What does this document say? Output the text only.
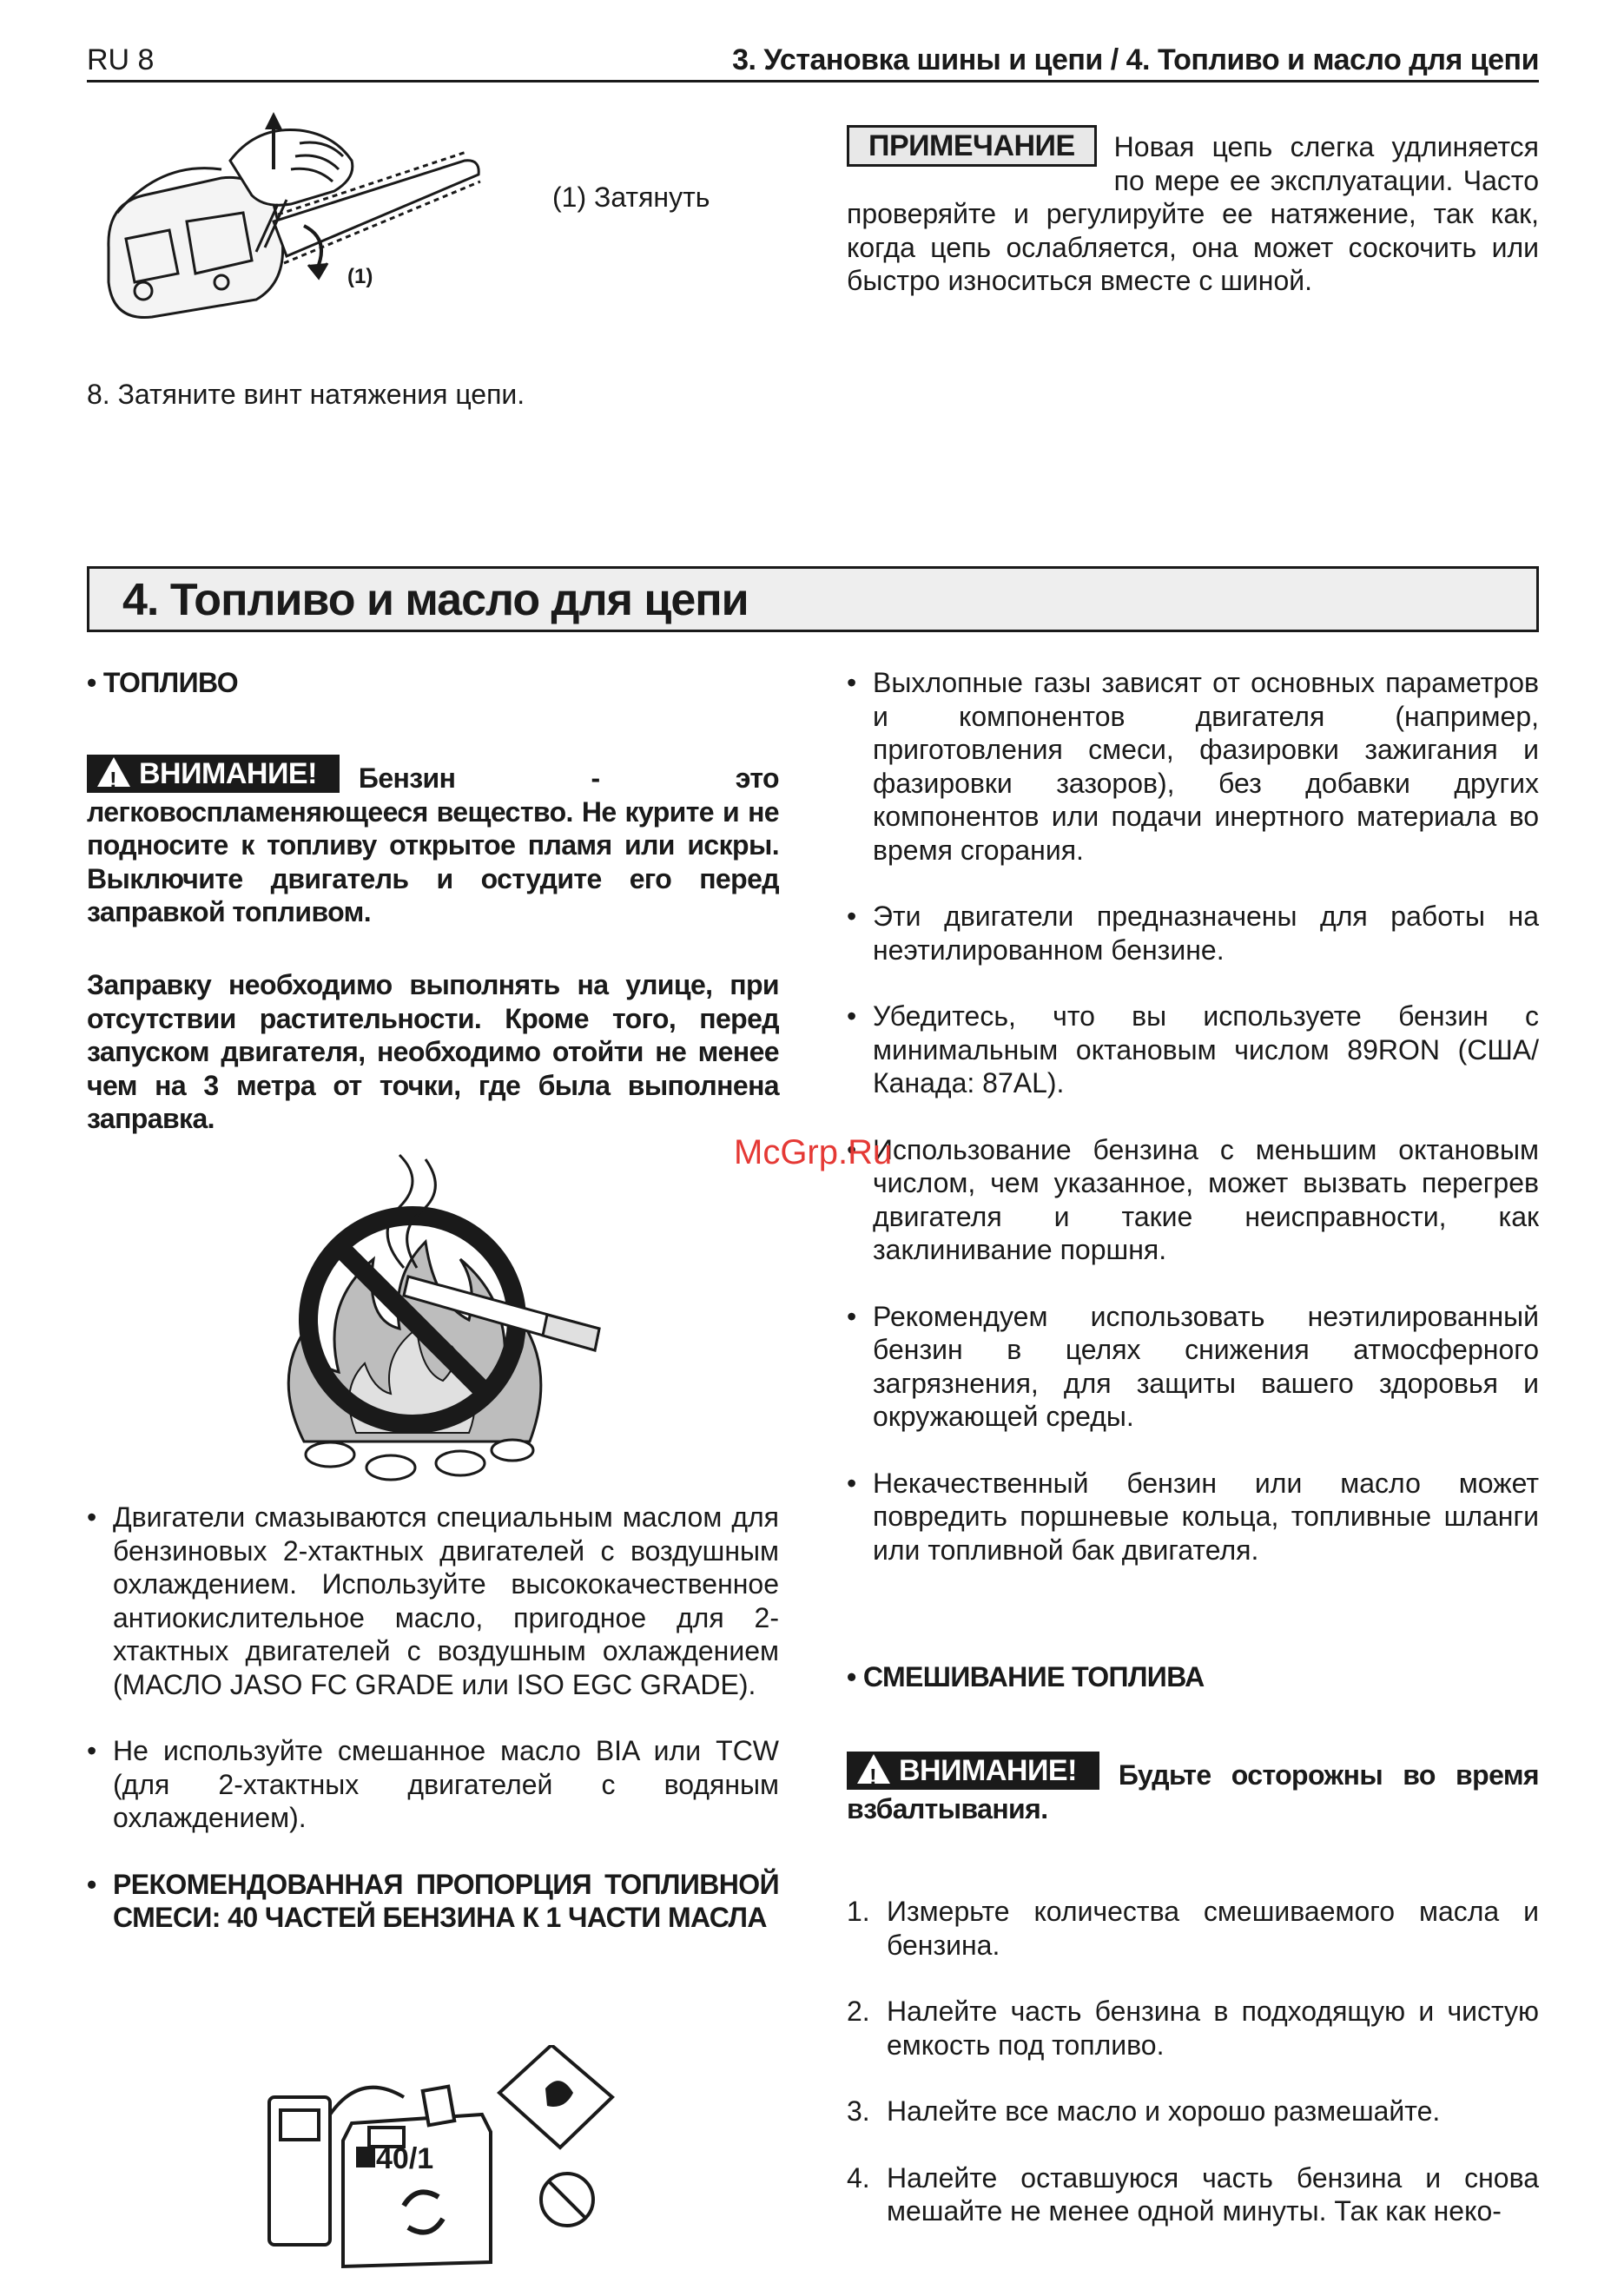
RU 8	3. Установка шины и цепи / 4. Топливо и масло для цепи
(1)
(1) Затянуть
8. Затяните винт натяжения цепи.
ПРИМЕЧАНИЕ	Новая цепь слегка удлиняется по мере ее эксплуатации. Часто проверяйте и регулируйте ее натяжение, так как, когда цепь ослабляется, она может соскочить или быстро износиться вместе с шиной.
4. Топливо и масло для цепи
• ТОПЛИВО
!ВНИМАНИЕ!	Бензин - это легковоспламеняющееся вещество. Не курите и не подносите к топливу открытое пламя или искры. Выключите двигатель и остудите его перед заправкой топливом.
Заправку необходимо выполнять на улице, при отсутствии растительности. Кроме того, перед запуском двигателя, необходимо отойти не менее чем на 3 метра от точки, где была выполнена заправка.
• Двигатели смазываются специальным маслом для бензиновых 2-хтактных двигателей с воздушным охлаждением. Используйте высококачественное антиокислительное масло, пригодное для 2-хтактных двигателей с воздушным охлаждением (МАСЛО JASO FC GRADE или ISO EGC GRADE).
• Не используйте смешанное масло BIA или TCW (для 2-хтактных двигателей с водяным охлаждением).
• РЕКОМЕНДОВАННАЯ ПРОПОРЦИЯ ТОПЛИВНОЙ СМЕСИ: 40 ЧАСТЕЙ БЕНЗИНА К 1 ЧАСТИ МАСЛА
40/1
• Выхлопные газы зависят от основных параметров и компонентов двигателя (например, приготовления смеси, фазировки зажигания и фазировки зазоров), без добавки других компонентов или подачи инертного материала во время сгорания.
• Эти двигатели предназначены для работы на неэтилированном бензине.
• Убедитесь, что вы используете бензин с минимальным октановым числом 89RON (США/Канада: 87AL).
• Использование бензина с меньшим октановым числом, чем указанное, может вызвать перегрев двигателя и такие неисправности, как заклинивание поршня.
• Рекомендуем использовать неэтилированный бензин в целях снижения атмосферного загрязнения, для защиты вашего здоровья и окружающей среды.
• Некачественный бензин или масло может повредить поршневые кольца, топливные шланги или топливной бак двигателя.
• СМЕШИВАНИЕ ТОПЛИВА
!ВНИМАНИЕ!	Будьте осторожны во время взбалтывания.
1. Измерьте количества смешиваемого масла и бензина.
2. Налейте часть бензина в подходящую и чистую емкость под топливо.
3. Налейте все масло и хорошо размешайте.
4. Налейте оставшуюся часть бензина и снова мешайте не менее одной минуты. Так как неко-
McGrp.Ru
